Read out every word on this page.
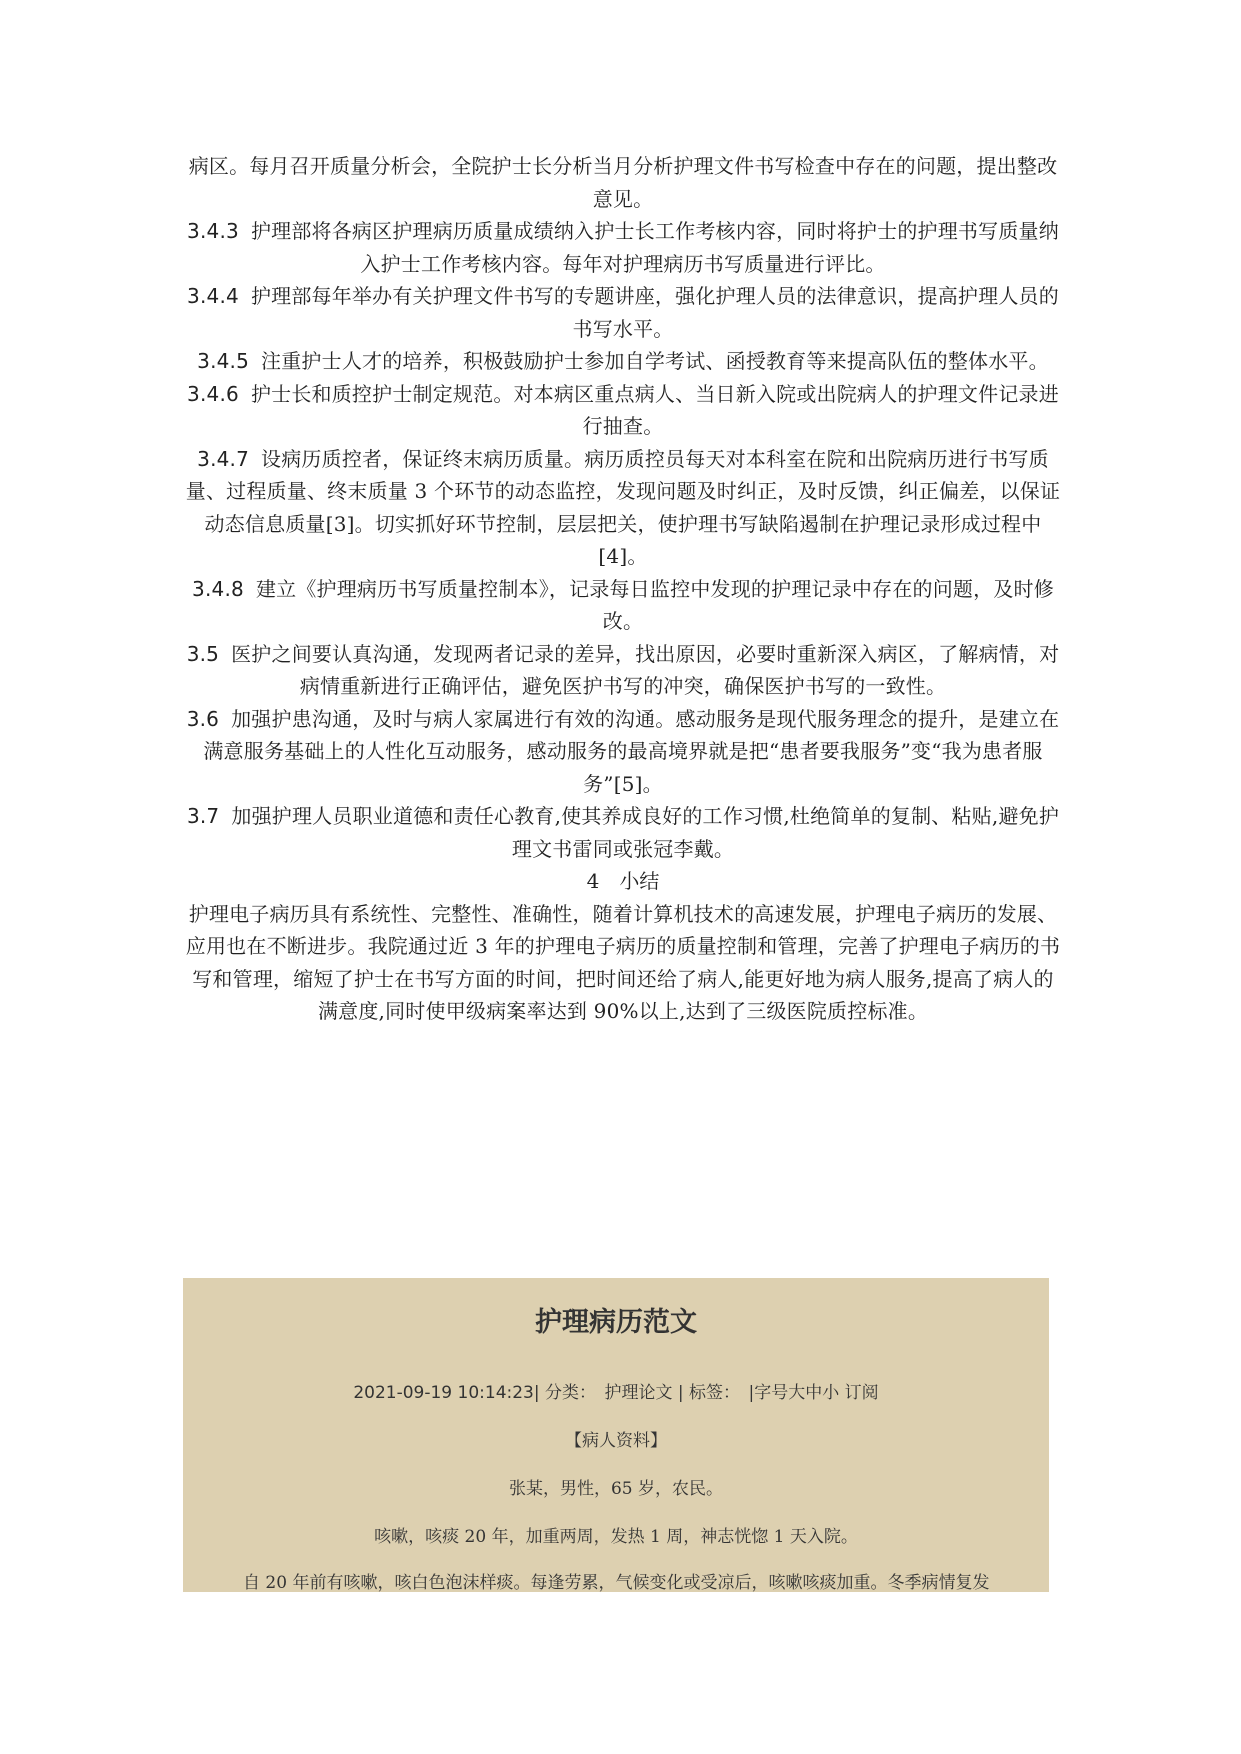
病区。每月召开质量分析会，全院护士长分析当月分析护理文件书写检查中存在的问题，提出整改意见。

3.4.3 护理部将各病区护理病历质量成绩纳入护士长工作考核内容，同时将护士的护理书写质量纳入护士工作考核内容。每年对护理病历书写质量进行评比。

3.4.4 护理部每年举办有关护理文件书写的专题讲座，强化护理人员的法律意识，提高护理人员的书写水平。

3.4.5 注重护士人才的培养，积极鼓励护士参加自学考试、函授教育等来提高队伍的整体水平。

3.4.6 护士长和质控护士制定规范。对本病区重点病人、当日新入院或出院病人的护理文件记录进行抽查。

3.4.7 设病历质控者，保证终末病历质量。病历质控员每天对本科室在院和出院病历进行书写质量、过程质量、终末质量 3 个环节的动态监控，发现问题及时纠正，及时反馈，纠正偏差，以保证动态信息质量[3]。切实抓好环节控制，层层把关，使护理书写缺陷遏制在护理记录形成过程中[4]。

3.4.8 建立《护理病历书写质量控制本》，记录每日监控中发现的护理记录中存在的问题，及时修改。

3.5 医护之间要认真沟通，发现两者记录的差异，找出原因，必要时重新深入病区，了解病情，对病情重新进行正确评估，避免医护书写的冲突，确保医护书写的一致性。

3.6 加强护患沟通，及时与病人家属进行有效的沟通。感动服务是现代服务理念的提升，是建立在满意服务基础上的人性化互动服务，感动服务的最高境界就是把“患者要我服务”变“我为患者服务”[5]。

3.7 加强护理人员职业道德和责任心教育,使其养成良好的工作习惯,杜绝简单的复制、粘贴,避免护理文书雷同或张冠李戴。

4　小结

护理电子病历具有系统性、完整性、准确性，随着计算机技术的高速发展，护理电子病历的发展、应用也在不断进步。我院通过近 3 年的护理电子病历的质量控制和管理，完善了护理电子病历的书写和管理，缩短了护士在书写方面的时间，把时间还给了病人,能更好地为病人服务,提高了病人的满意度,同时使甲级病案率达到 90%以上,达到了三级医院质控标准。

护理病历范文
2021-09-19 10:14:23| 分类：　护理论文 | 标签：　|字号大中小 订阅
【病人资料】
张某，男性，65 岁，农民。
咳嗽，咳痰 20 年，加重两周，发热 1 周，神志恍惚 1 天入院。
自 20 年前有咳嗽，咳白色泡沫样痰。每逢劳累，气候变化或受凉后，咳嗽咳痰加重。冬季病情复发
